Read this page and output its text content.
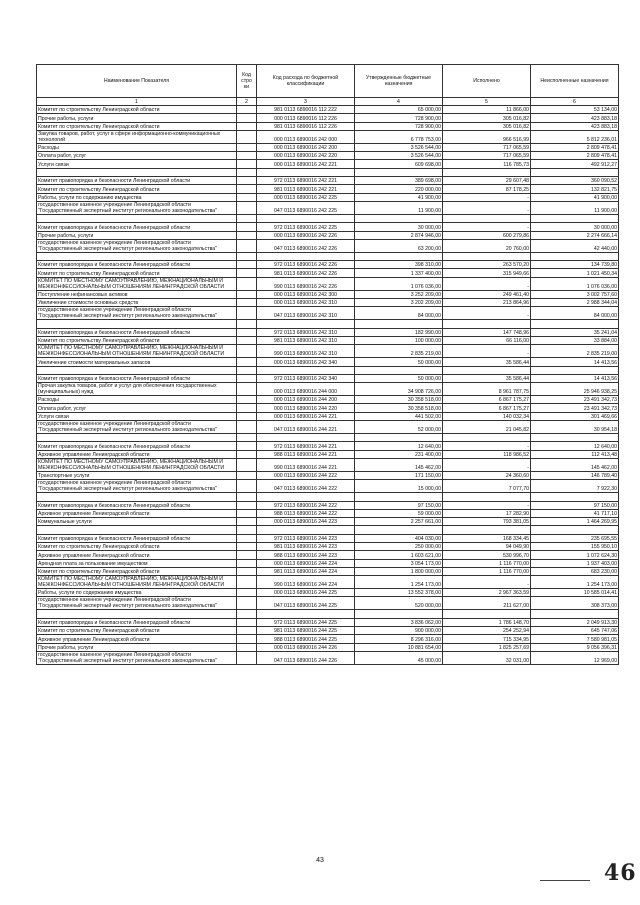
Наименование Показателя	Код стро ки	Код расхода по бюджетной классификации	Утвержденные бюджетные назначения	Исполнено	Неисполненные назначения
1	2	3	4	5	6
Комитет по строительству Ленинградской области		981 0113 6890016 112 222	65 000,00	11 866,00	53 134,00
Прочие работы, услуги		000 0113 6890016 112 226	728 900,00	305 016,82	423 883,18
Комитет по строительству Ленинградской области		981 0113 6890016 112 226	728 900,00	305 016,82	423 883,18
Закупка товаров, работ, услуг в сфере информационно-коммуникационных технологий		000 0113 6890016 242 000	6 778 753,00	966 516,99	5 812 236,01
Расходы		000 0113 6890016 242 200	3 526 544,00	717 065,59	2 809 478,41
Оплата работ, услуг		000 0113 6890016 242 220	3 526 544,00	717 065,59	2 809 478,41
Услуги связи		000 0113 6890016 242 221	609 698,00	116 785,73	492 912,27

Комитет правопорядка и безопасности Ленинградской области		972 0113 6890016 242 221	389 698,00	29 607,48	360 090,52
Комитет по строительству Ленинградской области		981 0113 6890016 242 221	220 000,00	87 178,25	132 821,75
Работы, услуги по содержанию имущества		000 0113 6890016 242 225	41 900,00	-	41 900,00
государственное казенное учреждение Ленинградской области "Государственный экспертный институт регионального законодательства"		047 0113 6890016 242 225	11 900,00	-	11 900,00

Комитет правопорядка и безопасности Ленинградской области		972 0113 6890016 242 225	30 000,00	-	30 000,00
Прочие работы, услуги		000 0113 6890016 242 226	2 874 946,00	600 279,86	2 274 666,14
государственное казенное учреждение Ленинградской области "Государственный экспертный институт регионального законодательства"		047 0113 6890016 242 226	63 200,00	20 760,00	42 440,00

Комитет правопорядка и безопасности Ленинградской области		972 0113 6890016 242 226	398 310,00	263 570,20	134 739,80
Комитет по строительству Ленинградской области		981 0113 6890016 242 226	1 337 400,00	315 949,66	1 021 450,34
КОМИТЕТ ПО МЕСТНОМУ САМОУПРАВЛЕНИЮ, МЕЖНАЦИОНАЛЬНЫМ И МЕЖКОНФЕССИОНАЛЬНЫМ ОТНОШЕНИЯМ ЛЕНИНГРАДСКОЙ ОБЛАСТИ		990 0113 6890016 242 226	1 076 036,00	-	1 076 036,00
Поступление нефинансовых активов		000 0113 6890016 242 300	3 252 209,00	249 461,40	3 002 757,60
Увеличение стоимости основных средств		000 0113 6890016 242 310	3 202 209,00	213 864,96	2 988 344,04
государственное казенное учреждение Ленинградской области "Государственный экспертный институт регионального законодательства"		047 0113 6890016 242 310	84 000,00	-	84 000,00

Комитет правопорядка и безопасности Ленинградской области		972 0113 6890016 242 310	182 990,00	147 748,96	35 241,04
Комитет по строительству Ленинградской области		981 0113 6890016 242 310	100 000,00	66 116,00	33 884,00
КОМИТЕТ ПО МЕСТНОМУ САМОУПРАВЛЕНИЮ, МЕЖНАЦИОНАЛЬНЫМ И МЕЖКОНФЕССИОНАЛЬНЫМ ОТНОШЕНИЯМ ЛЕНИНГРАДСКОЙ ОБЛАСТИ		990 0113 6890016 242 310	2 835 219,00	-	2 835 219,00
Увеличение стоимости материальных запасов		000 0113 6890016 242 340	50 000,00	35 586,44	14 413,56

Комитет правопорядка и безопасности Ленинградской области		972 0113 6890016 242 340	50 000,00	35 586,44	14 413,56
Прочая закупка товаров, работ и услуг для обеспечения государственных (муниципальных) нужд		000 0113 6890016 244 000	34 908 726,00	8 961 787,75	25 946 938,25
Расходы		000 0113 6890016 244 200	30 358 518,00	6 867 175,27	23 491 342,73
Оплата работ, услуг		000 0113 6890016 244 220	30 358 518,00	6 867 175,27	23 491 342,73
Услуги связи		000 0113 6890016 244 221	441 502,00	140 032,34	301 469,66
государственное казенное учреждение Ленинградской области "Государственный экспертный институт регионального законодательства"		047 0113 6890016 244 221	52 000,00	21 045,82	30 954,18

Комитет правопорядка и безопасности Ленинградской области		972 0113 6890016 244 221	12 640,00	-	12 640,00
Архивное управление Ленинградской области		988 0113 6890016 244 221	231 400,00	118 986,52	112 413,48
КОМИТЕТ ПО МЕСТНОМУ САМОУПРАВЛЕНИЮ, МЕЖНАЦИОНАЛЬНЫМ И МЕЖКОНФЕССИОНАЛЬНЫМ ОТНОШЕНИЯМ ЛЕНИНГРАДСКОЙ ОБЛАСТИ		990 0113 6890016 244 221	145 462,00	-	145 462,00
Транспортные услуги		000 0113 6890016 244 222	171 150,00	24 360,60	146 789,40
государственное казенное учреждение Ленинградской области "Государственный экспертный институт регионального законодательства"		047 0113 6890016 244 222	15 000,00	7 077,70	7 922,30

Комитет правопорядка и безопасности Ленинградской области		972 0113 6890016 244 222	97 150,00	-	97 150,00
Архивное управление Ленинградской области		988 0113 6890016 244 222	59 000,00	17 282,90	41 717,10
Коммунальные услуги		000 0113 6890016 244 223	2 257 661,00	793 381,05	1 464 269,95

Комитет правопорядка и безопасности Ленинградской области		972 0113 6890016 244 223	404 030,00	168 334,45	235 695,55
Комитет по строительству Ленинградской области		981 0113 6890016 244 223	250 000,00	94 049,90	155 950,10
Архивное управление Ленинградской области		988 0113 6890016 244 223	1 603 621,00	530 996,70	1 072 624,30
Арендная плата за пользование имуществом		000 0113 6890016 244 224	3 054 173,00	1 116 770,00	1 937 403,00
Комитет по строительству Ленинградской области		981 0113 6890016 244 224	1 800 000,00	1 116 770,00	683 230,00
КОМИТЕТ ПО МЕСТНОМУ САМОУПРАВЛЕНИЮ, МЕЖНАЦИОНАЛЬНЫМ И МЕЖКОНФЕССИОНАЛЬНЫМ ОТНОШЕНИЯМ ЛЕНИНГРАДСКОЙ ОБЛАСТИ		990 0113 6890016 244 224	1 254 173,00	-	1 254 173,00
Работы, услуги по содержанию имущества		000 0113 6890016 244 225	13 552 378,00	2 967 363,59	10 585 014,41
государственное казенное учреждение Ленинградской области "Государственный экспертный институт регионального законодательства"		047 0113 6890016 244 225	520 000,00	211 627,00	308 373,00

Комитет правопорядка и безопасности Ленинградской области		972 0113 6890016 244 225	3 836 062,00	1 786 148,70	2 049 913,30
Комитет по строительству Ленинградской области		981 0113 6890016 244 225	900 000,00	254 252,94	645 747,06
Архивное управление Ленинградской области		988 0113 6890016 244 225	8 296 316,00	715 334,95	7 580 981,05
Прочие работы, услуги		000 0113 6890016 244 226	10 881 654,00	1 825 257,69	9 056 396,31
государственное казенное учреждение Ленинградской области "Государственный экспертный институт регионального законодательства"		047 0113 6890016 244 226	45 000,00	32 031,00	12 969,00
43	46
